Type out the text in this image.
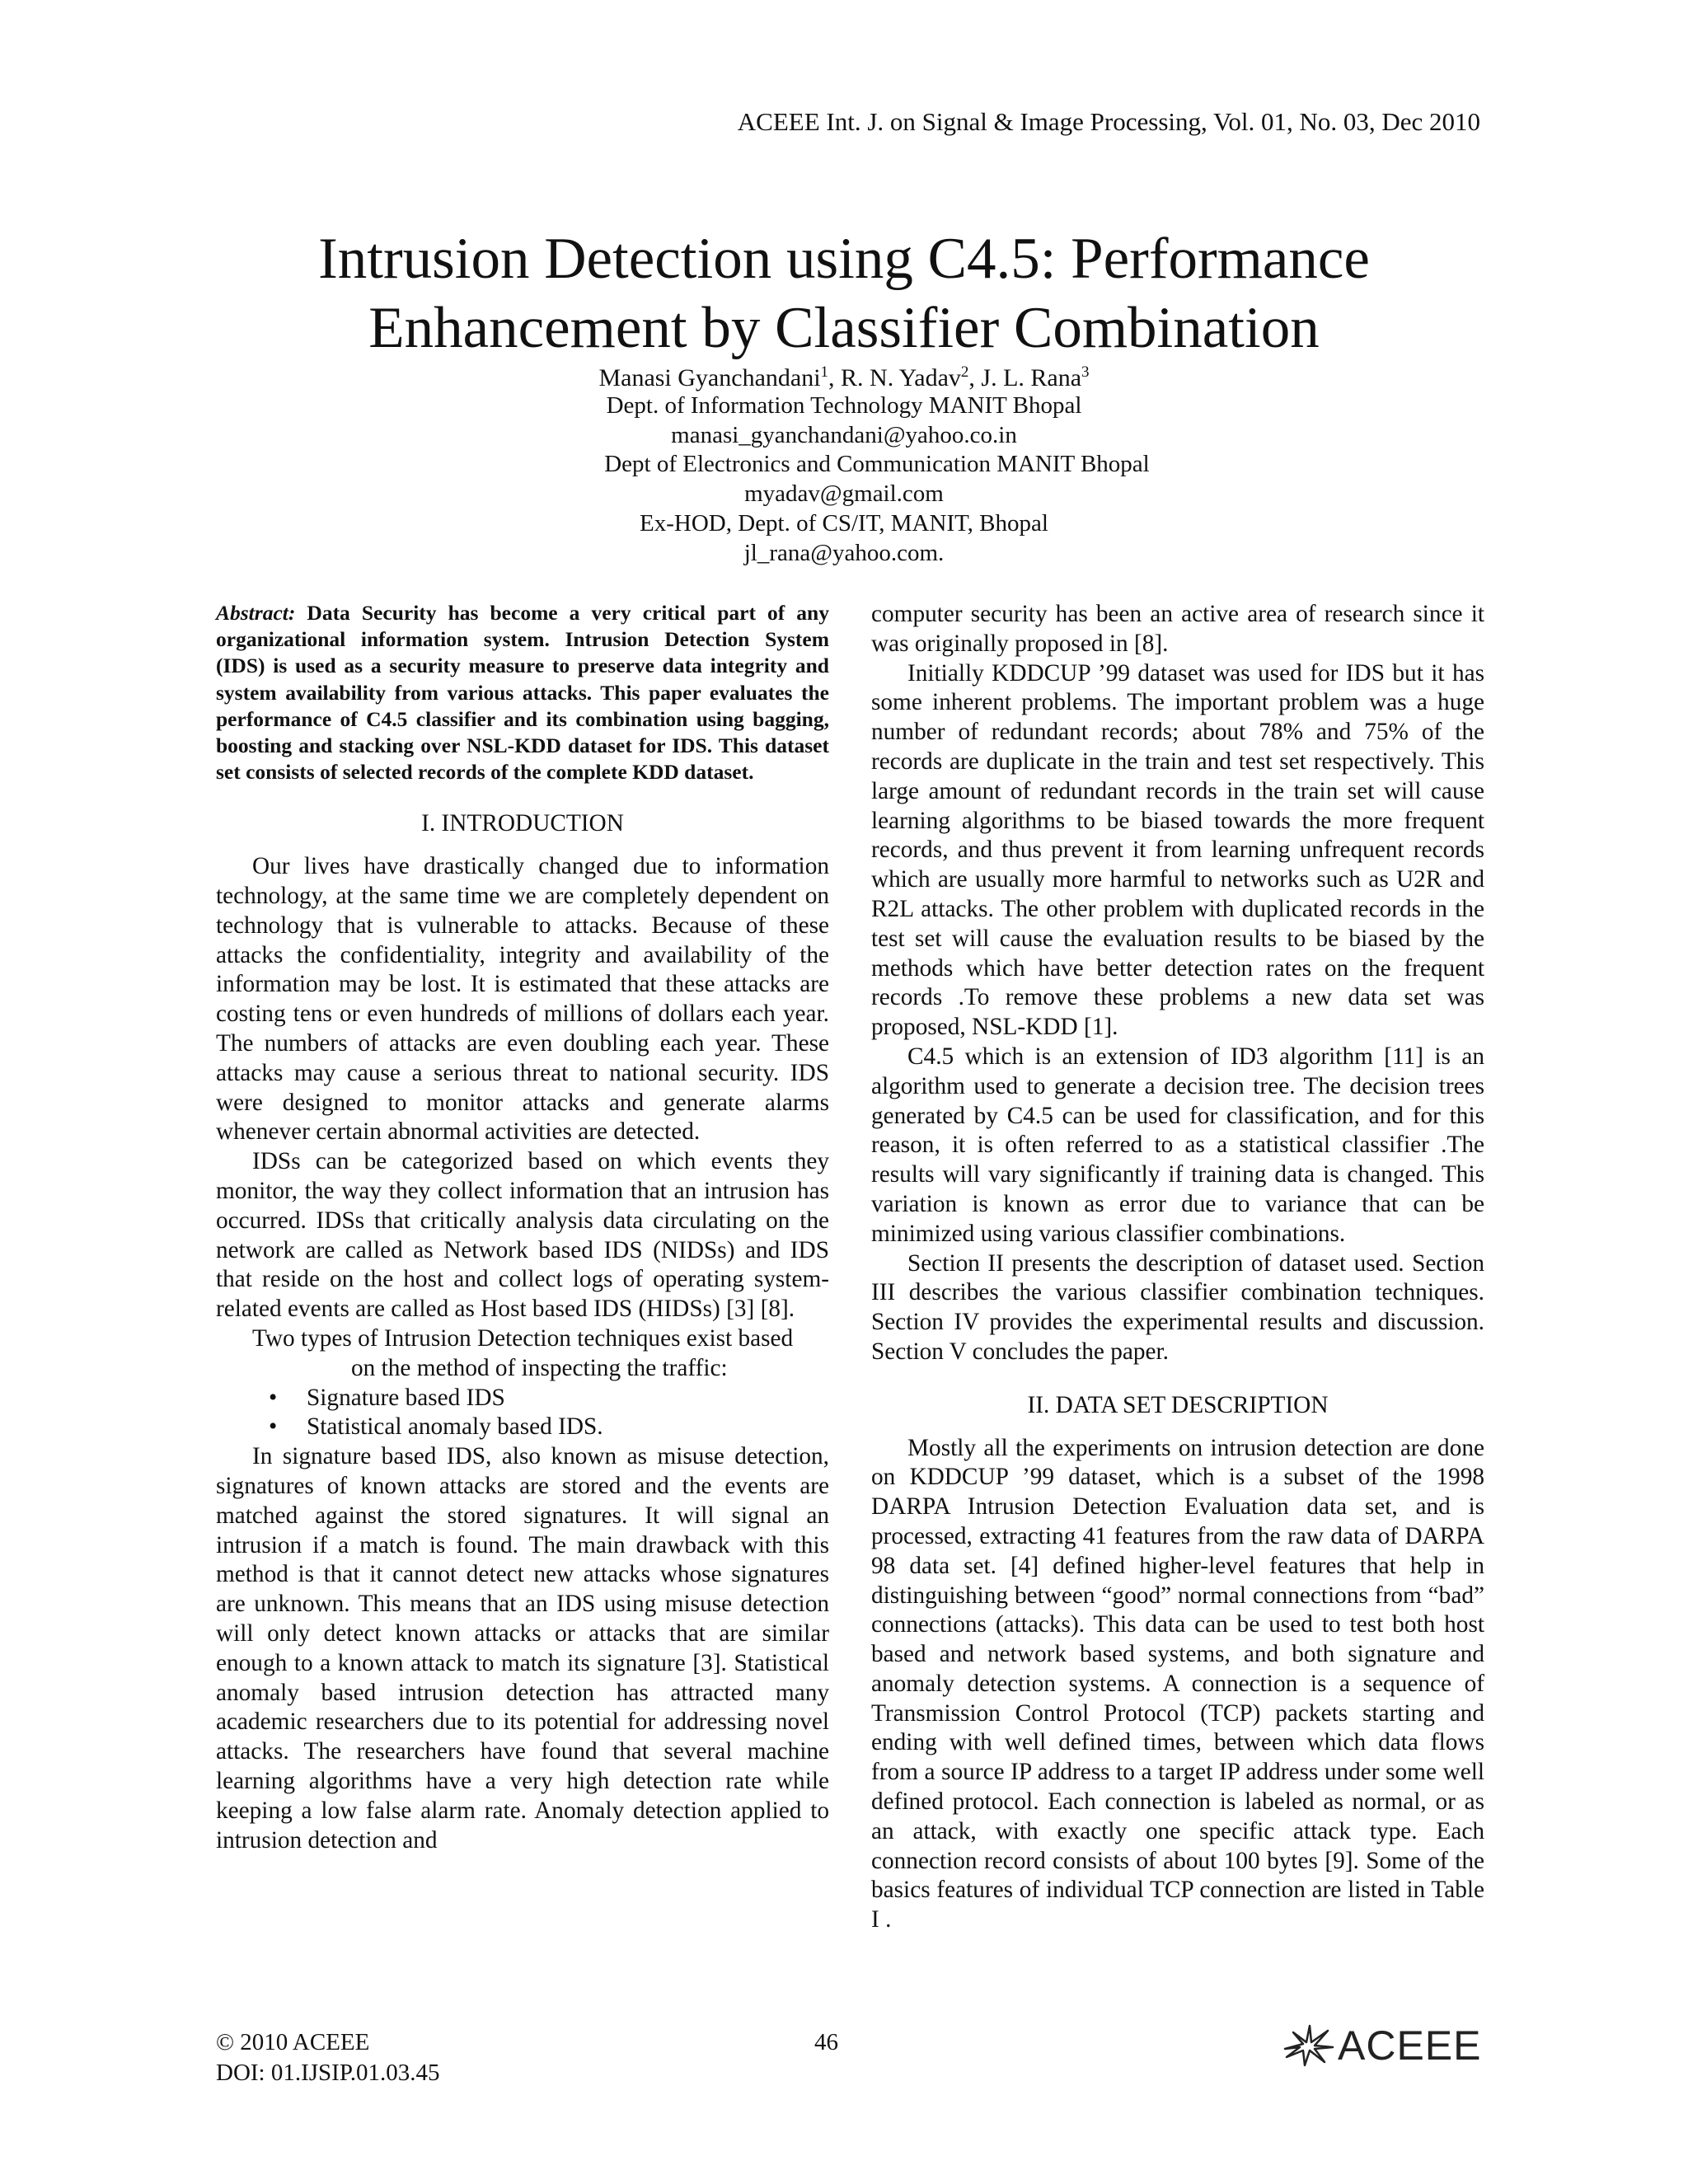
ACEEE Int. J. on Signal & Image Processing, Vol. 01, No. 03, Dec 2010
Intrusion Detection using C4.5: Performance
Enhancement by Classifier Combination
Manasi Gyanchandani$^1$, R. N. Yadav$^2$, J. L. Rana$^3$
Dept. of Information Technology MANIT Bhopal
manasi_gyanchandani@yahoo.co.in
Dept of Electronics and Communication MANIT Bhopal
myadav@gmail.com
Ex-HOD, Dept. of CS/IT, MANIT, Bhopal
jl_rana@yahoo.com.

Abstract: Data Security has become a very critical part of any organizational information system. Intrusion Detection System (IDS) is used as a security measure to preserve data integrity and system availability from various attacks. This paper evaluates the performance of C4.5 classifier and its combination using bagging, boosting and stacking over NSL-KDD dataset for IDS. This dataset set consists of selected records of the complete KDD dataset.

I. INTRODUCTION

Our lives have drastically changed due to information technology, at the same time we are completely dependent on technology that is vulnerable to attacks. Because of these attacks the confidentiality, integrity and availability of the information may be lost. It is estimated that these attacks are costing tens or even hundreds of millions of dollars each year. The numbers of attacks are even doubling each year. These attacks may cause a serious threat to national security. IDS were designed to monitor attacks and generate alarms whenever certain abnormal activities are detected.

IDSs can be categorized based on which events they monitor, the way they collect information that an intrusion has occurred. IDSs that critically analysis data circulating on the network are called as Network based IDS (NIDSs) and IDS that reside on the host and collect logs of operating system-related events are called as Host based IDS (HIDSs) [3] [8].

Two types of Intrusion Detection techniques exist based
on the method of inspecting the traffic:

• Signature based IDS
• Statistical anomaly based IDS.

In signature based IDS, also known as misuse detection, signatures of known attacks are stored and the events are matched against the stored signatures. It will signal an intrusion if a match is found. The main drawback with this method is that it cannot detect new attacks whose signatures are unknown. This means that an IDS using misuse detection will only detect known attacks or attacks that are similar enough to a known attack to match its signature [3]. Statistical anomaly based intrusion detection has attracted many academic researchers due to its potential for addressing novel attacks. The researchers have found that several machine learning algorithms have a very high detection rate while keeping a low false alarm rate. Anomaly detection applied to intrusion detection and

computer security has been an active area of research since it was originally proposed in [8].

Initially KDDCUP ’99 dataset was used for IDS but it has some inherent problems. The important problem was a huge number of redundant records; about 78% and 75% of the records are duplicate in the train and test set respectively. This large amount of redundant records in the train set will cause learning algorithms to be biased towards the more frequent records, and thus prevent it from learning unfrequent records which are usually more harmful to networks such as U2R and R2L attacks. The other problem with duplicated records in the test set will cause the evaluation results to be biased by the methods which have better detection rates on the frequent records .To remove these problems a new data set was proposed, NSL-KDD [1].

C4.5 which is an extension of ID3 algorithm [11] is an algorithm used to generate a decision tree. The decision trees generated by C4.5 can be used for classification, and for this reason, it is often referred to as a statistical classifier .The results will vary significantly if training data is changed. This variation is known as error due to variance that can be minimized using various classifier combinations.

Section II presents the description of dataset used. Section III describes the various classifier combination techniques. Section IV provides the experimental results and discussion. Section V concludes the paper.

II. DATA SET DESCRIPTION

Mostly all the experiments on intrusion detection are done on KDDCUP ’99 dataset, which is a subset of the 1998 DARPA Intrusion Detection Evaluation data set, and is processed, extracting 41 features from the raw data of DARPA 98 data set. [4] defined higher-level features that help in distinguishing between “good” normal connections from “bad” connections (attacks). This data can be used to test both host based and network based systems, and both signature and anomaly detection systems. A connection is a sequence of Transmission Control Protocol (TCP) packets starting and ending with well defined times, between which data flows from a source IP address to a target IP address under some well defined protocol. Each connection is labeled as normal, or as an attack, with exactly one specific attack type. Each connection record consists of about 100 bytes [9]. Some of the basics features of individual TCP connection are listed in Table I .

© 2010 ACEEE
DOI: 01.IJSIP.01.03.45
46	ACEEE
